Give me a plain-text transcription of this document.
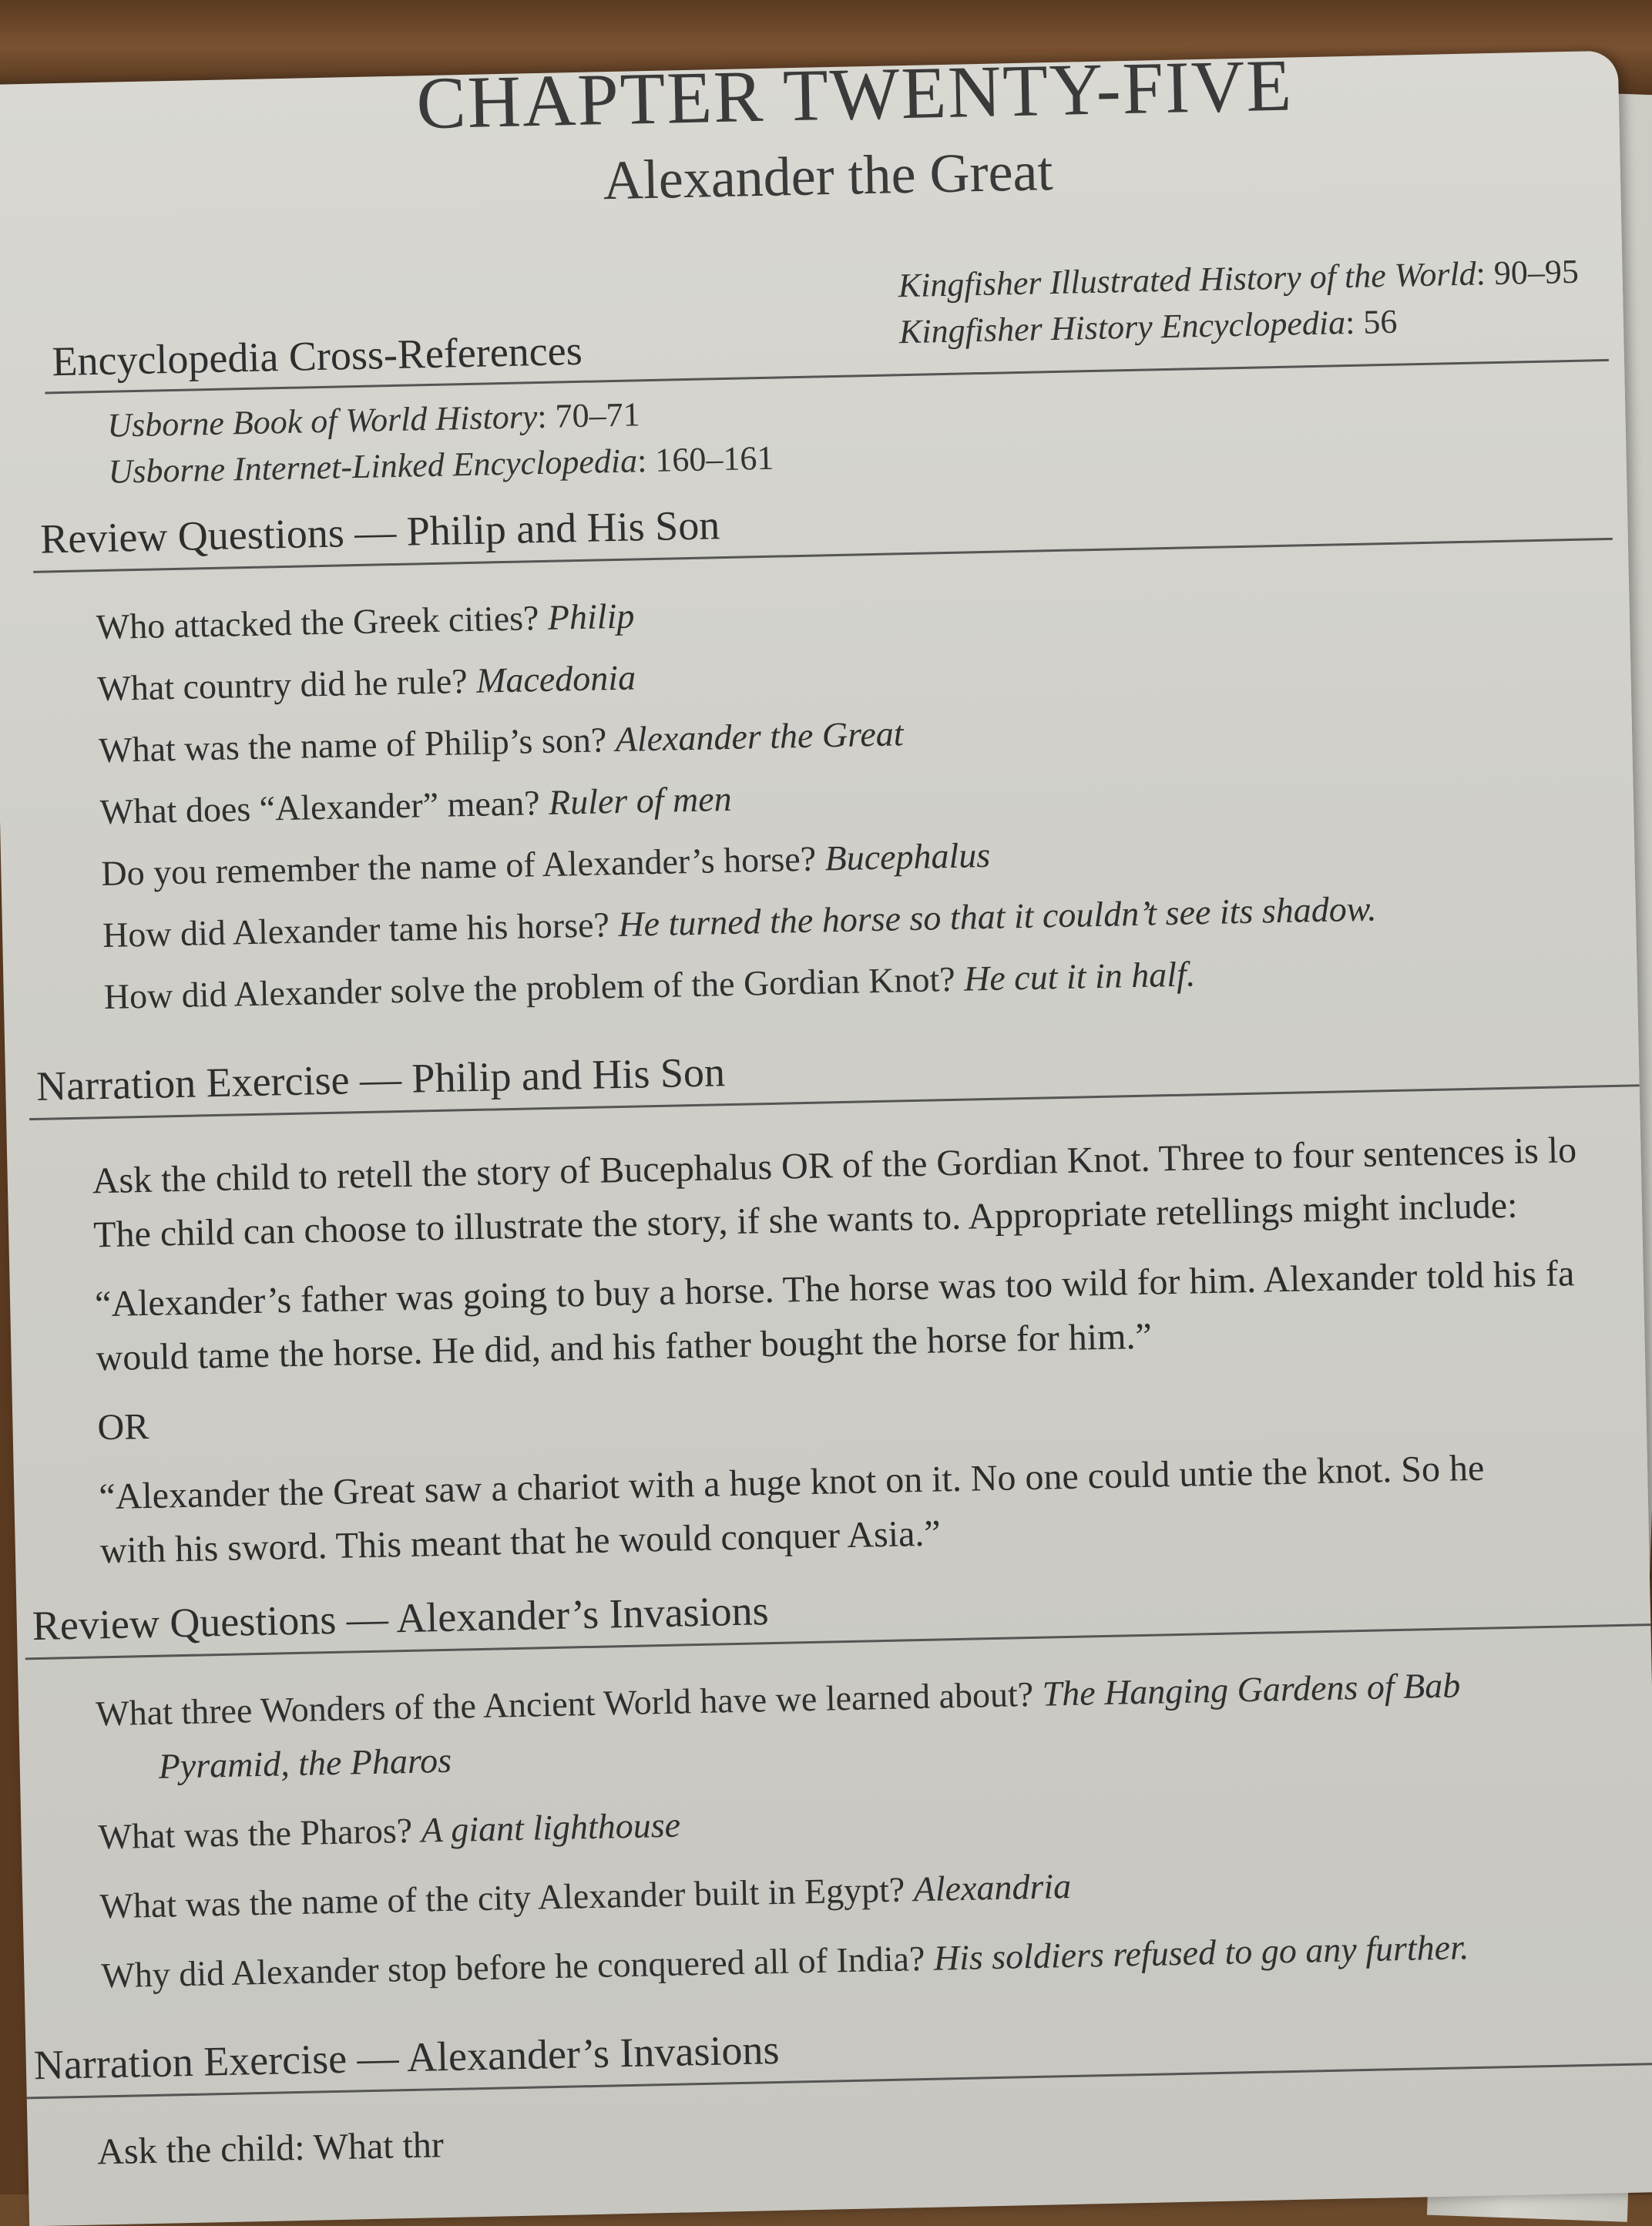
CHAPTER TWENTY-FIVE
Alexander the Great
Encyclopedia Cross-References
Usborne Book of World History: 70–71
Usborne Internet-Linked Encyclopedia: 160–161
Kingfisher Illustrated History of the World: 90–95
Kingfisher History Encyclopedia: 56
Review Questions — Philip and His Son
Who attacked the Greek cities? Philip
What country did he rule? Macedonia
What was the name of Philip’s son? Alexander the Great
What does “Alexander” mean? Ruler of men
Do you remember the name of Alexander’s horse? Bucephalus
How did Alexander tame his horse? He turned the horse so that it couldn’t see its shadow.
How did Alexander solve the problem of the Gordian Knot? He cut it in half.
Narration Exercise — Philip and His Son
Ask the child to retell the story of Bucephalus OR of the Gordian Knot. Three to four sentences is lo
The child can choose to illustrate the story, if she wants to. Appropriate retellings might include:
“Alexander’s father was going to buy a horse. The horse was too wild for him. Alexander told his fa
would tame the horse. He did, and his father bought the horse for him.”
OR
“Alexander the Great saw a chariot with a huge knot on it. No one could untie the knot. So he
with his sword. This meant that he would conquer Asia.”
Review Questions — Alexander’s Invasions
What three Wonders of the Ancient World have we learned about? The Hanging Gardens of Bab
Pyramid, the Pharos
What was the Pharos? A giant lighthouse
What was the name of the city Alexander built in Egypt? Alexandria
Why did Alexander stop before he conquered all of India? His soldiers refused to go any further.
Narration Exercise — Alexander’s Invasions
Ask the child: What thr
